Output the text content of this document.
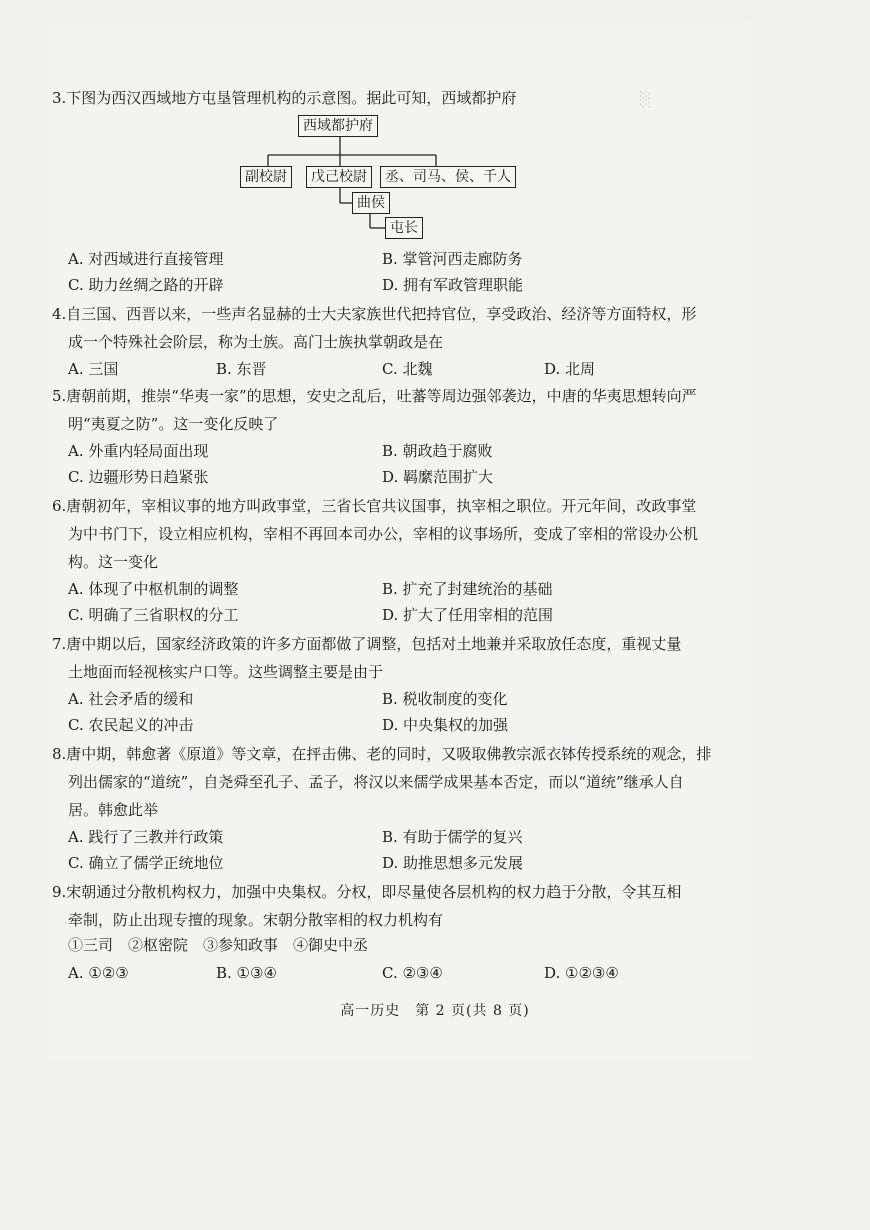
░
3.下图为西汉西域地方屯垦管理机构的示意图。据此可知，西域都护府
西域都护府
副校尉	戊己校尉	丞、司马、侯、千人
曲侯
屯长
A. 对西域进行直接管理	B. 掌管河西走廊防务
C. 助力丝绸之路的开辟	D. 拥有军政管理职能
4.自三国、西晋以来，一些声名显赫的士大夫家族世代把持官位，享受政治、经济等方面特权，形
成一个特殊社会阶层，称为士族。高门士族执掌朝政是在
A. 三国	B. 东晋	C. 北魏	D. 北周
5.唐朝前期，推崇“华夷一家”的思想，安史之乱后，吐蕃等周边强邻袭边，中唐的华夷思想转向严
明“夷夏之防”。这一变化反映了
A. 外重内轻局面出现	B. 朝政趋于腐败
C. 边疆形势日趋紧张	D. 羁縻范围扩大
6.唐朝初年，宰相议事的地方叫政事堂，三省长官共议国事，执宰相之职位。开元年间，改政事堂
为中书门下，设立相应机构，宰相不再回本司办公，宰相的议事场所，变成了宰相的常设办公机
构。这一变化
A. 体现了中枢机制的调整	B. 扩充了封建统治的基础
C. 明确了三省职权的分工	D. 扩大了任用宰相的范围
7.唐中期以后，国家经济政策的许多方面都做了调整，包括对土地兼并采取放任态度，重视丈量
土地面而轻视核实户口等。这些调整主要是由于
A. 社会矛盾的缓和	B. 税收制度的变化
C. 农民起义的冲击	D. 中央集权的加强
8.唐中期，韩愈著《原道》等文章，在抨击佛、老的同时，又吸取佛教宗派衣钵传授系统的观念，排
列出儒家的“道统”，自尧舜至孔子、孟子，将汉以来儒学成果基本否定，而以“道统”继承人自
居。韩愈此举
A. 践行了三教并行政策	B. 有助于儒学的复兴
C. 确立了儒学正统地位	D. 助推思想多元发展
9.宋朝通过分散机构权力，加强中央集权。分权，即尽量使各层机构的权力趋于分散，令其互相
牵制，防止出现专擅的现象。宋朝分散宰相的权力机构有
①三司　②枢密院　③参知政事　④御史中丞
A. ①②③	B. ①③④	C. ②③④	D. ①②③④
高一历史　第 2 页(共 8 页)
